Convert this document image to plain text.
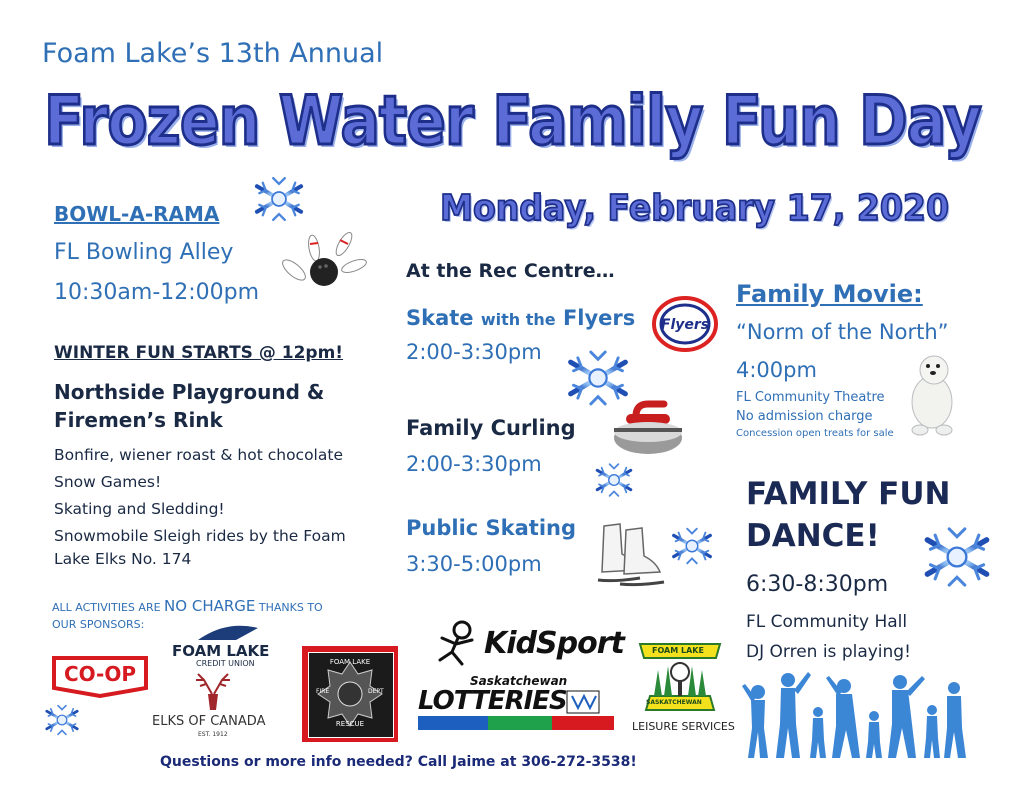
Foam Lake’s 13th Annual
Frozen Water Family Fun Day
Monday, February 17, 2020
BOWL-A-RAMA
FL Bowling Alley
10:30am-12:00pm
WINTER FUN STARTS @ 12pm!
Northside Playground &
Firemen’s Rink
Bonfire, wiener roast & hot chocolate
Snow Games!
Skating and Sledding!
Snowmobile Sleigh rides by the Foam
Lake Elks No. 174
At the Rec Centre…
Skate with the Flyers
2:00-3:30pm
Flyers
Family Curling
2:00-3:30pm
Public Skating
3:30-5:00pm
Family Movie:
“Norm of the North”
4:00pm
FL Community Theatre
No admission charge
Concession open treats for sale
FAMILY FUN
DANCE!
6:30-8:30pm
FL Community Hall
DJ Orren is playing!
ALL ACTIVITIES ARE NO CHARGE THANKS TO
OUR SPONSORS:
CO-OP
FOAM LAKE
CREDIT UNION
ELKS OF CANADA
EST. 1912
FOAM LAKE
FIRE	DEPT
RESCUE
KidSport
Saskatchewan
LOTTERIES
FOAM LAKE
SASKATCHEWAN
LEISURE SERVICES
Questions or more info needed? Call Jaime at 306-272-3538!
